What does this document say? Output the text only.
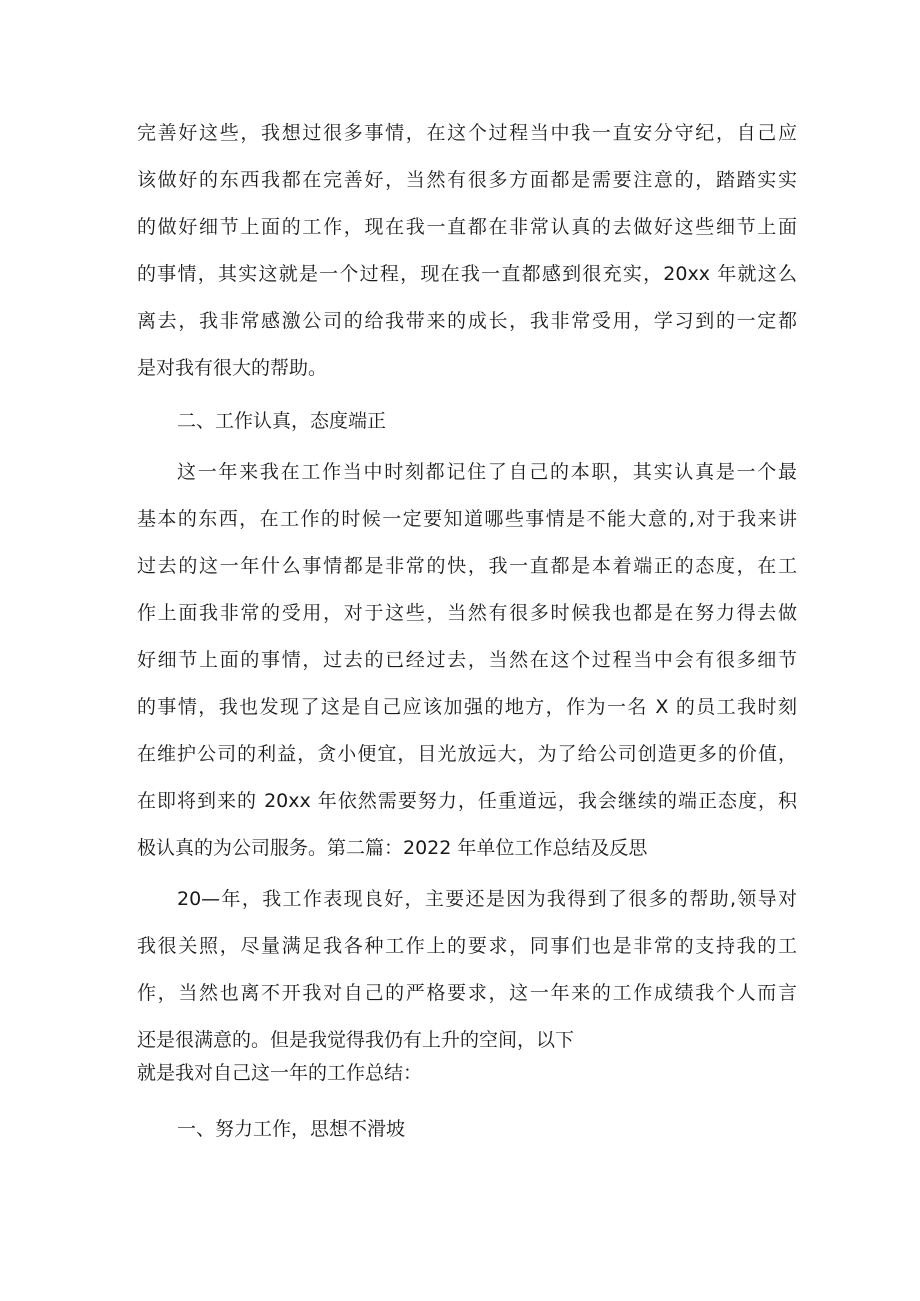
完善好这些，我想过很多事情，在这个过程当中我一直安分守纪，自己应
该做好的东西我都在完善好，当然有很多方面都是需要注意的，踏踏实实
的做好细节上面的工作，现在我一直都在非常认真的去做好这些细节上面
的事情，其实这就是一个过程，现在我一直都感到很充实，20xx 年就这么
离去，我非常感激公司的给我带来的成长，我非常受用，学习到的一定都
是对我有很大的帮助。
二、工作认真，态度端正
这一年来我在工作当中时刻都记住了自己的本职，其实认真是一个最
基本的东西，在工作的时候一定要知道哪些事情是不能大意的,对于我来讲
过去的这一年什么事情都是非常的快，我一直都是本着端正的态度，在工
作上面我非常的受用，对于这些，当然有很多时候我也都是在努力得去做
好细节上面的事情，过去的已经过去，当然在这个过程当中会有很多细节
的事情，我也发现了这是自己应该加强的地方，作为一名 X 的员工我时刻
在维护公司的利益，贪小便宜，目光放远大，为了给公司创造更多的价值，
在即将到来的 20xx 年依然需要努力，任重道远，我会继续的端正态度，积
极认真的为公司服务。第二篇：2022 年单位工作总结及反思
20—年，我工作表现良好，主要还是因为我得到了很多的帮助,领导对
我很关照，尽量满足我各种工作上的要求，同事们也是非常的支持我的工
作，当然也离不开我对自己的严格要求，这一年来的工作成绩我个人而言
还是很满意的。但是我觉得我仍有上升的空间，以下
就是我对自己这一年的工作总结：
一、努力工作，思想不滑坡
